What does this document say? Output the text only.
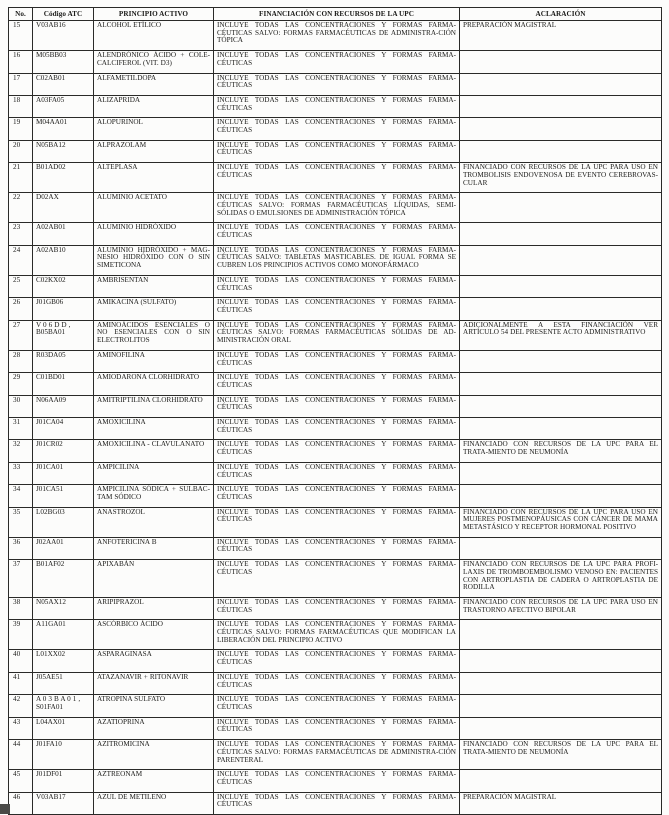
No.	Código ATC	PRINCIPIO ACTIVO	FINANCIACIÓN CON RECURSOS DE LA UPC	ACLARACIÓN
15	V03AB16	ALCOHOL ETÍLICO	INCLUYE TODAS LAS CONCENTRACIONES Y FORMAS FARMA-CÉUTICAS SALVO: FORMAS FARMACÉUTICAS DE ADMINISTRA-CIÓN TÓPICA	PREPARACIÓN MAGISTRAL
16	M05BB03	ALENDRÓNICO ÁCIDO + COLE-CALCIFEROL (VIT. D3)	INCLUYE TODAS LAS CONCENTRACIONES Y FORMAS FARMA-CÉUTICAS	
17	C02AB01	ALFAMETILDOPA	INCLUYE TODAS LAS CONCENTRACIONES Y FORMAS FARMA-CÉUTICAS	
18	A03FA05	ALIZAPRIDA	INCLUYE TODAS LAS CONCENTRACIONES Y FORMAS FARMA-CÉUTICAS	
19	M04AA01	ALOPURINOL	INCLUYE TODAS LAS CONCENTRACIONES Y FORMAS FARMA-CÉUTICAS	
20	N05BA12	ALPRAZOLAM	INCLUYE TODAS LAS CONCENTRACIONES Y FORMAS FARMA-CÉUTICAS	
21	B01AD02	ALTEPLASA	INCLUYE TODAS LAS CONCENTRACIONES Y FORMAS FARMA-CÉUTICAS	FINANCIADO CON RECURSOS DE LA UPC PARA USO EN TROMBOLISIS ENDOVENOSA DE EVENTO CEREBROVAS-CULAR
22	D02AX	ALUMINIO ACETATO	INCLUYE TODAS LAS CONCENTRACIONES Y FORMAS FARMA-CÉUTICAS SALVO: FORMAS FARMACÉUTICAS LÍQUIDAS, SEMI-SÓLIDAS O EMULSIONES DE ADMINISTRACIÓN TÓPICA	
23	A02AB01	ALUMINIO HIDRÓXIDO	INCLUYE TODAS LAS CONCENTRACIONES Y FORMAS FARMA-CÉUTICAS	
24	A02AB10	ALUMINIO HIDRÓXIDO + MAG-NESIO HIDRÓXIDO CON O SIN SIMETICONA	INCLUYE TODAS LAS CONCENTRACIONES Y FORMAS FARMA-CÉUTICAS SALVO: TABLETAS MASTICABLES. DE IGUAL FORMA SE CUBREN LOS PRINCIPIOS ACTIVOS COMO MONOFÁRMACO	
25	C02KX02	AMBRISENTAN	INCLUYE TODAS LAS CONCENTRACIONES Y FORMAS FARMA-CÉUTICAS	
26	J01GB06	AMIKACINA (SULFATO)	INCLUYE TODAS LAS CONCENTRACIONES Y FORMAS FARMA-CÉUTICAS	
27	V 0 6 D D , B05BA01	AMINOÁCIDOS ESENCIALES O NO ESENCIALES CON O SIN ELECTROLITOS	INCLUYE TODAS LAS CONCENTRACIONES Y FORMAS FARMA-CÉUTICAS SALVO: FORMAS FARMACÉUTICAS SÓLIDAS DE AD-MINISTRACIÓN ORAL	ADICIONALMENTE A ESTA FINANCIACIÓN VER ARTÍCULO 54 DEL PRESENTE ACTO ADMINISTRATIVO
28	R03DA05	AMINOFILINA	INCLUYE TODAS LAS CONCENTRACIONES Y FORMAS FARMA-CÉUTICAS	
29	C01BD01	AMIODARONA CLORHIDRATO	INCLUYE TODAS LAS CONCENTRACIONES Y FORMAS FARMA-CÉUTICAS	
30	N06AA09	AMITRIPTILINA CLORHIDRATO	INCLUYE TODAS LAS CONCENTRACIONES Y FORMAS FARMA-CÉUTICAS	
31	J01CA04	AMOXICILINA	INCLUYE TODAS LAS CONCENTRACIONES Y FORMAS FARMA-CÉUTICAS	
32	J01CR02	AMOXICILINA - CLAVULANATO	INCLUYE TODAS LAS CONCENTRACIONES Y FORMAS FARMA-CÉUTICAS	FINANCIADO CON RECURSOS DE LA UPC PARA EL TRATA-MIENTO DE NEUMONÍA
33	J01CA01	AMPICILINA	INCLUYE TODAS LAS CONCENTRACIONES Y FORMAS FARMA-CÉUTICAS	
34	J01CA51	AMPICILINA SÓDICA + SULBAC-TAM SÓDICO	INCLUYE TODAS LAS CONCENTRACIONES Y FORMAS FARMA-CÉUTICAS	
35	L02BG03	ANASTROZOL	INCLUYE TODAS LAS CONCENTRACIONES Y FORMAS FARMA-CÉUTICAS	FINANCIADO CON RECURSOS DE LA UPC PARA USO EN MUJERES POSTMENOPÁUSICAS CON CÁNCER DE MAMA METASTÁSICO Y RECEPTOR HORMONAL POSITIVO
36	J02AA01	ANFOTERICINA B	INCLUYE TODAS LAS CONCENTRACIONES Y FORMAS FARMA-CÉUTICAS	
37	B01AF02	APIXABÁN	INCLUYE TODAS LAS CONCENTRACIONES Y FORMAS FARMA-CÉUTICAS	FINANCIADO CON RECURSOS DE LA UPC PARA PROFI-LAXIS DE TROMBOEMBOLISMO VENOSO EN: PACIENTES CON ARTROPLASTIA DE CADERA O ARTROPLASTIA DE RODILLA
38	N05AX12	ARIPIPRAZOL	INCLUYE TODAS LAS CONCENTRACIONES Y FORMAS FARMA-CÉUTICAS	FINANCIADO CON RECURSOS DE LA UPC PARA USO EN TRASTORNO AFECTIVO BIPOLAR
39	A11GA01	ASCÓRBICO ÁCIDO	INCLUYE TODAS LAS CONCENTRACIONES Y FORMAS FARMA-CÉUTICAS SALVO: FORMAS FARMACÉUTICAS QUE MODIFICAN LA LIBERACIÓN DEL PRINCIPIO ACTIVO	
40	L01XX02	ASPARAGINASA	INCLUYE TODAS LAS CONCENTRACIONES Y FORMAS FARMA-CÉUTICAS	
41	J05AE51	ATAZANAVIR + RITONAVIR	INCLUYE TODAS LAS CONCENTRACIONES Y FORMAS FARMA-CÉUTICAS	
42	A 0 3 B A 0 1 , S01FA01	ATROPINA SULFATO	INCLUYE TODAS LAS CONCENTRACIONES Y FORMAS FARMA-CÉUTICAS	
43	L04AX01	AZATIOPRINA	INCLUYE TODAS LAS CONCENTRACIONES Y FORMAS FARMA-CÉUTICAS	
44	J01FA10	AZITROMICINA	INCLUYE TODAS LAS CONCENTRACIONES Y FORMAS FARMA-CÉUTICAS SALVO: FORMAS FARMACÉUTICAS DE ADMINISTRA-CIÓN PARENTERAL	FINANCIADO CON RECURSOS DE LA UPC PARA EL TRATA-MIENTO DE NEUMONÍA
45	J01DF01	AZTREONAM	INCLUYE TODAS LAS CONCENTRACIONES Y FORMAS FARMA-CÉUTICAS	
46	V03AB17	AZUL DE METILENO	INCLUYE TODAS LAS CONCENTRACIONES Y FORMAS FARMA-CÉUTICAS	PREPARACIÓN MAGISTRAL
